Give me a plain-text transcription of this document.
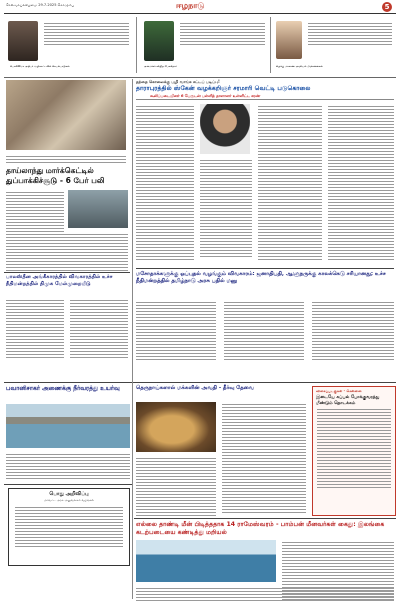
செவ்வாய்க்கிழமை 29.7.2025 கொழும்பு	ஈழநாடு	5
பொலிஸ்மா அதிபர் வழிகாட்டலில் செயல்பாடுகள்	அமைச்சர் விஜித பேசுகிறார்	கிழக்கு மாகாண அரசியல் பிரச்சனைகள்
தாய்லாந்து மார்க்கெட்டில் துப்பாக்கிச்சூடு - 6 பேர் பலி
பாலஸ்தீன அங்கீகாரத்தில் விவகாரத்தில் உச்ச நீதிமன்றத்தில் திமுக மேல்முறையீடு
தந்தை கொலைக்கு பழி வாங்க சட்டப் படிப்பு!
தாராபுரத்தில் ஸ்கேன் வழக்கறிஞர் சரமாரி வெட்டி படுகொலை
கூலிப்படையினர் 6 பேருடன் பள்ளித் தாளாளர் உள்ளிட்ட சரண்
மசோதாக்களுக்கு ஒப்புதல் வழங்கும் விவகாரம்: ஜனாதிபதி, ஆளுநருக்கு காலக்கெடு சரியானது; உச்ச நீதிமன்றத்தில் தமிழ்நாடு அரசு பதில் மனு
பவானிசாகர் அணைக்கு நீர்வரத்து உயர்வு
பொது அறிவிப்பு
மாவட்ட அரசு அலுவலகம் வழங்கல்
தெருநாய்களால் மக்களின் அவதி - தீர்வு தேவை	விசைப்படகுகள் - சென்னை
இடையே கப்பல் போக்குவரத்து மீண்டும் தொடக்கம்
எல்லை தாண்டி மீன் பிடித்ததாக 14 ராமேஸ்வரம் - பாம்பன் மீனவர்கள் கைது: இலங்கை கடற்படையை கண்டித்து மறியல்
